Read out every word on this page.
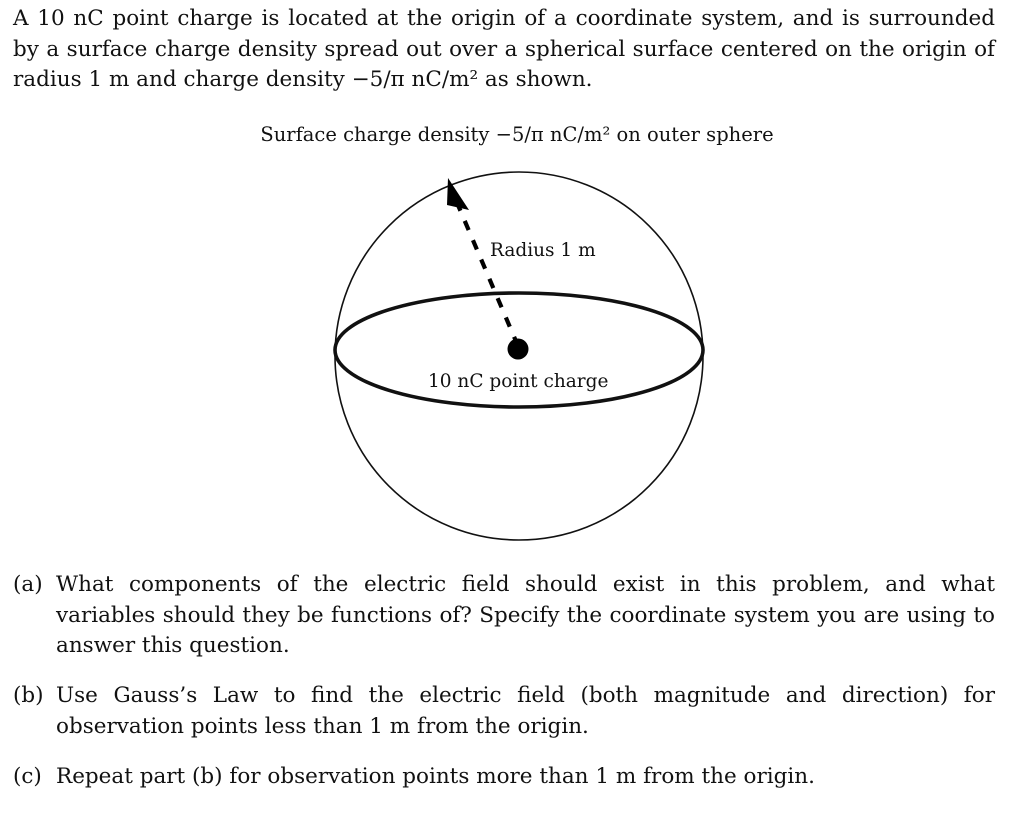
A 10 nC point charge is located at the origin of a coordinate system, and is surrounded by a surface charge density spread out over a spherical surface centered on the origin of radius 1 m and charge density −5/π nC/m² as shown.
Surface charge density −5/π nC/m² on outer sphere
Radius 1 m
10 nC point charge
(a) What components of the electric field should exist in this problem, and what variables should they be functions of? Specify the coordinate system you are using to answer this question.
(b) Use Gauss’s Law to find the electric field (both magnitude and direction) for observation points less than 1 m from the origin.
(c) Repeat part (b) for observation points more than 1 m from the origin.
